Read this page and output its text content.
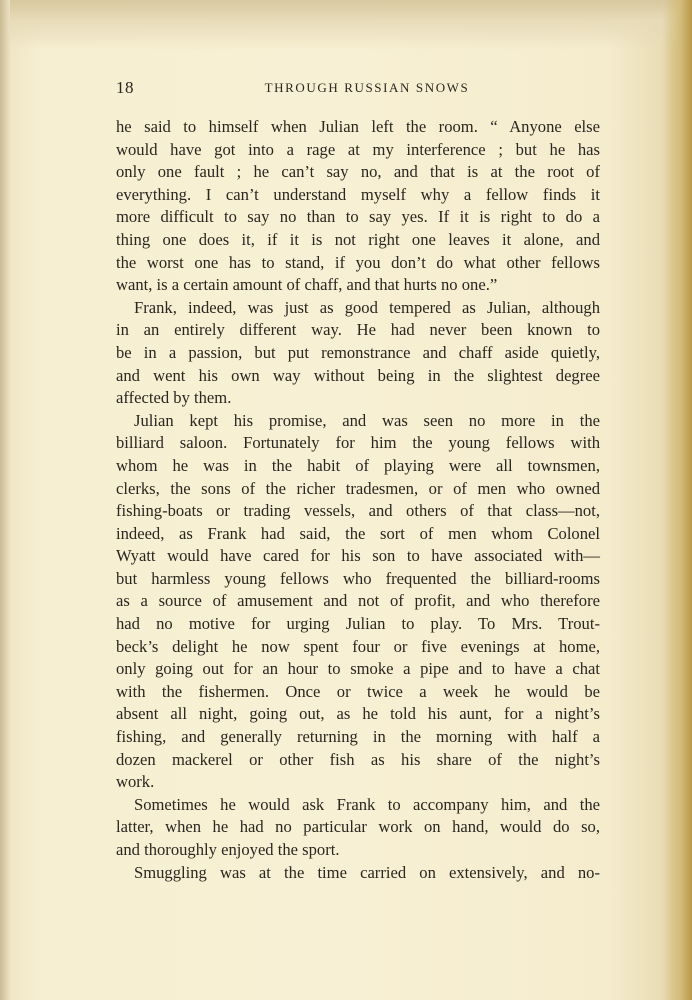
18	THROUGH RUSSIAN SNOWS
he said to himself when Julian left the room. “ Anyone else
would have got into a rage at my interference ; but he has
only one fault ; he can’t say no, and that is at the root of
everything. I can’t understand myself why a fellow finds it
more difficult to say no than to say yes. If it is right to do a
thing one does it, if it is not right one leaves it alone, and
the worst one has to stand, if you don’t do what other fellows
want, is a certain amount of chaff, and that hurts no one.”
Frank, indeed, was just as good tempered as Julian, although
in an entirely different way. He had never been known to
be in a passion, but put remonstrance and chaff aside quietly,
and went his own way without being in the slightest degree
affected by them.
Julian kept his promise, and was seen no more in the
billiard saloon. Fortunately for him the young fellows with
whom he was in the habit of playing were all townsmen,
clerks, the sons of the richer tradesmen, or of men who owned
fishing-boats or trading vessels, and others of that class—not,
indeed, as Frank had said, the sort of men whom Colonel
Wyatt would have cared for his son to have associated with—
but harmless young fellows who frequented the billiard-rooms
as a source of amusement and not of profit, and who therefore
had no motive for urging Julian to play. To Mrs. Trout-
beck’s delight he now spent four or five evenings at home,
only going out for an hour to smoke a pipe and to have a chat
with the fishermen. Once or twice a week he would be
absent all night, going out, as he told his aunt, for a night’s
fishing, and generally returning in the morning with half a
dozen mackerel or other fish as his share of the night’s
work.
Sometimes he would ask Frank to accompany him, and the
latter, when he had no particular work on hand, would do so,
and thoroughly enjoyed the sport.
Smuggling was at the time carried on extensively, and no-
